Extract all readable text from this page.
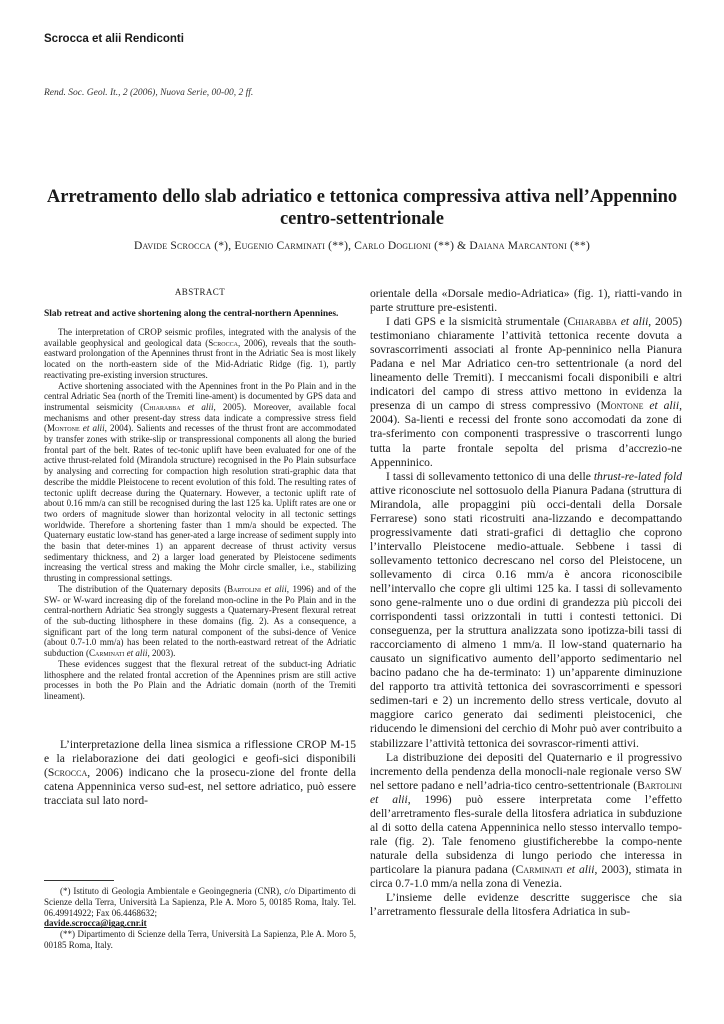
Scrocca et alii Rendiconti
Rend. Soc. Geol. It., 2 (2006), Nuova Serie, 00-00, 2 ff.
Arretramento dello slab adriatico e tettonica compressiva attiva nell’Appennino centro-settentrionale
Davide Scrocca (*), Eugenio Carminati (**), Carlo Doglioni (**) & Daiana Marcantoni (**)
ABSTRACT
Slab retreat and active shortening along the central-northern Apennines.

The interpretation of CROP seismic profiles, integrated with the analysis of the available geophysical and geological data (Scrocca, 2006), reveals that the south-eastward prolongation of the Apennines thrust front in the Adriatic Sea is most likely located on the north-eastern side of the Mid-Adriatic Ridge (fig. 1), partly reactivating pre-existing inversion structures.

Active shortening associated with the Apennines front in the Po Plain and in the central Adriatic Sea (north of the Tremiti line-ament) is documented by GPS data and instrumental seismicity (Chiarabba et alii, 2005). Moreover, available focal mechanisms and other present-day stress data indicate a compressive stress field (Montone et alii, 2004). Salients and recesses of the thrust front are accommodated by transfer zones with strike-slip or transpressional components all along the buried frontal part of the belt. Rates of tec-tonic uplift have been evaluated for one of the active thrust-related fold (Mirandola structure) recognised in the Po Plain subsurface by analysing and correcting for compaction high resolution strati-graphic data that describe the middle Pleistocene to recent evolution of this fold. The resulting rates of tectonic uplift decrease during the Quaternary. However, a tectonic uplift rate of about 0.16 mm/a can still be recognised during the last 125 ka. Uplift rates are one or two orders of magnitude slower than horizontal velocity in all tectonic settings worldwide. Therefore a shortening faster than 1 mm/a should be expected. The Quaternary eustatic low-stand has gener-ated a large increase of sediment supply into the basin that deter-mines 1) an apparent decrease of thrust activity versus sedimentary thickness, and 2) a larger load generated by Pleistocene sediments increasing the vertical stress and making the Mohr circle smaller, i.e., stabilizing thrusting in compressional settings.

The distribution of the Quaternary deposits (Bartolini et alii, 1996) and of the SW- or W-ward increasing dip of the foreland mon-ocline in the Po Plain and in the central-northern Adriatic Sea strongly suggests a Quaternary-Present flexural retreat of the sub-ducting lithosphere in these domains (fig. 2). As a consequence, a significant part of the long term natural component of the subsi-dence of Venice (about 0.7-1.0 mm/a) has been related to the north-eastward retreat of the Adriatic subduction (Carminati et alii, 2003).

These evidences suggest that the flexural retreat of the subduct-ing Adriatic lithosphere and the related frontal accretion of the Apennines prism are still active processes in both the Po Plain and the Adriatic domain (north of the Tremiti lineament).

L’interpretazione della linea sismica a riflessione CROP M-15 e la rielaborazione dei dati geologici e geofi-sici disponibili (Scrocca, 2006) indicano che la prosecu-zione del fronte della catena Appenninica verso sud-est, nel settore adriatico, può essere tracciata sul lato nord-

(*) Istituto di Geologia Ambientale e Geoingegneria (CNR), c/o Dipartimento di Scienze della Terra, Università La Sapienza, P.le A. Moro 5, 00185 Roma, Italy. Tel. 06.49914922; Fax 06.4468632;
davide.scrocca@igag.cnr.it

(**) Dipartimento di Scienze della Terra, Università La Sapienza, P.le A. Moro 5, 00185 Roma, Italy.

orientale della «Dorsale medio-Adriatica» (fig. 1), riatti-vando in parte strutture pre-esistenti.

I dati GPS e la sismicità strumentale (Chiarabba et alii, 2005) testimoniano chiaramente l’attività tettonica recente dovuta a sovrascorrimenti associati al fronte Ap-penninico nella Pianura Padana e nel Mar Adriatico cen-tro settentrionale (a nord del lineamento delle Tremiti). I meccanismi focali disponibili e altri indicatori del campo di stress attivo mettono in evidenza la presenza di un campo di stress compressivo (Montone et alii, 2004). Sa-lienti e recessi del fronte sono accomodati da zone di tra-sferimento con componenti traspressive o trascorrenti lungo tutta la parte frontale sepolta del prisma d’accrezio-ne Appenninico.

I tassi di sollevamento tettonico di una delle thrust-re-lated fold attive riconosciute nel sottosuolo della Pianura Padana (struttura di Mirandola, alle propaggini più occi-dentali della Dorsale Ferrarese) sono stati ricostruiti ana-lizzando e decompattando progressivamente dati strati-grafici di dettaglio che coprono l’intervallo Pleistocene medio-attuale. Sebbene i tassi di sollevamento tettonico decrescano nel corso del Pleistocene, un sollevamento di circa 0.16 mm/a è ancora riconoscibile nell’intervallo che copre gli ultimi 125 ka. I tassi di sollevamento sono gene-ralmente uno o due ordini di grandezza più piccoli dei corrispondenti tassi orizzontali in tutti i contesti tettonici. Di conseguenza, per la struttura analizzata sono ipotizza-bili tassi di raccorciamento di almeno 1 mm/a. Il low-stand quaternario ha causato un significativo aumento dell’apporto sedimentario nel bacino padano che ha de-terminato: 1) un’apparente diminuzione del rapporto tra attività tettonica dei sovrascorrimenti e spessori sedimen-tari e 2) un incremento dello stress verticale, dovuto al maggiore carico generato dai sedimenti pleistocenici, che riducendo le dimensioni del cerchio di Mohr può aver contribuito a stabilizzare l’attività tettonica dei sovrascor-rimenti attivi.

La distribuzione dei depositi del Quaternario e il progressivo incremento della pendenza della monocli-nale regionale verso SW nel settore padano e nell’adria-tico centro-settentrionale (Bartolini et alii, 1996) può essere interpretata come l’effetto dell’arretramento fles-surale della litosfera adriatica in subduzione al di sotto della catena Appenninica nello stesso intervallo tempo-rale (fig. 2). Tale fenomeno giustificherebbe la compo-nente naturale della subsidenza di lungo periodo che interessa in particolare la pianura padana (Carminati et alii, 2003), stimata in circa 0.7-1.0 mm/a nella zona di Venezia.

L’insieme delle evidenze descritte suggerisce che sia l’arretramento flessurale della litosfera Adriatica in sub-
